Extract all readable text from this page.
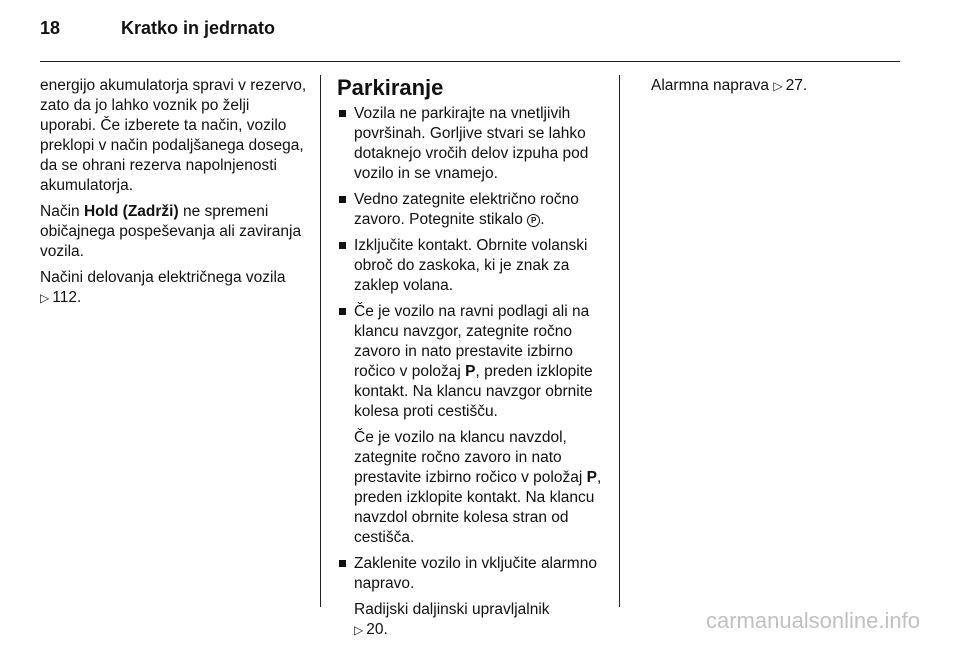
18	Kratko in jedrnato

energijo akumulatorja spravi v rezervo, zato da jo lahko voznik po želji uporabi. Če izberete ta način, vozilo preklopi v način podaljšanega dosega, da se ohrani rezerva napolnjenosti akumulatorja.

Način Hold (Zadrži) ne spremeni običajnega pospeševanja ali zaviranja vozila.

Načini delovanja električnega vozila
▷ 112.

Parkiranje
Vozila ne parkirajte na vnetljivih površinah. Gorljive stvari se lahko dotaknejo vročih delov izpuha pod vozilo in se vnamejo.
Vedno zategnite električno ročno zavoro. Potegnite stikalo P .
Izključite kontakt. Obrnite volanski obroč do zaskoka, ki je znak za zaklep volana.
Če je vozilo na ravni podlagi ali na klancu navzgor, zategnite ročno zavoro in nato prestavite izbirno ročico v položaj P, preden izklopite kontakt. Na klancu navzgor obrnite kolesa proti cestišču.

Če je vozilo na klancu navzdol, zategnite ročno zavoro in nato prestavite izbirno ročico v položaj P, preden izklopite kontakt. Na klancu navzdol obrnite kolesa stran od cestišča.

Zaklenite vozilo in vključite alarmno napravo.

Radijski daljinski upravljalnik
▷ 20.

Alarmna naprava ▷ 27.

carmanualsonline.info
